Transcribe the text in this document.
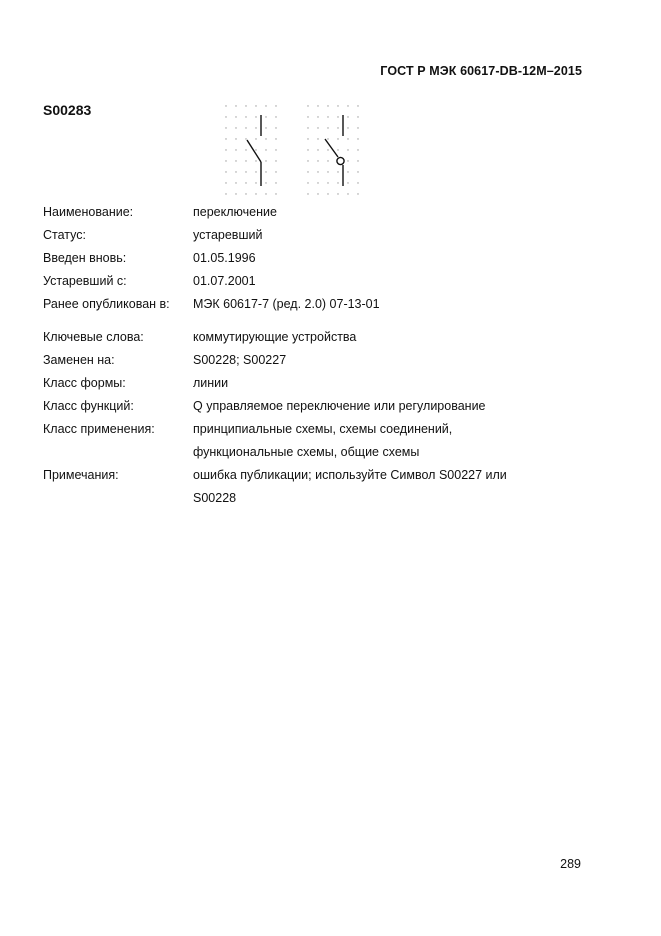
ГОСТ Р МЭК 60617-DB-12M–2015
S00283
Наименование:	переключение
Статус:	устаревший
Введен вновь:	01.05.1996
Устаревший с:	01.07.2001
Ранее опубликован в: МЭК 60617-7 (ред. 2.0) 07-13-01
Ключевые слова:	коммутирующие устройства
Заменен на:	S00228; S00227
Класс формы:	линии
Класс функций:	Q управляемое переключение или регулирование
Класс применения:	принципиальные схемы, схемы соединений,
функциональные схемы, общие схемы
Примечания:	ошибка публикации; используйте Символ S00227 или
S00228
289
